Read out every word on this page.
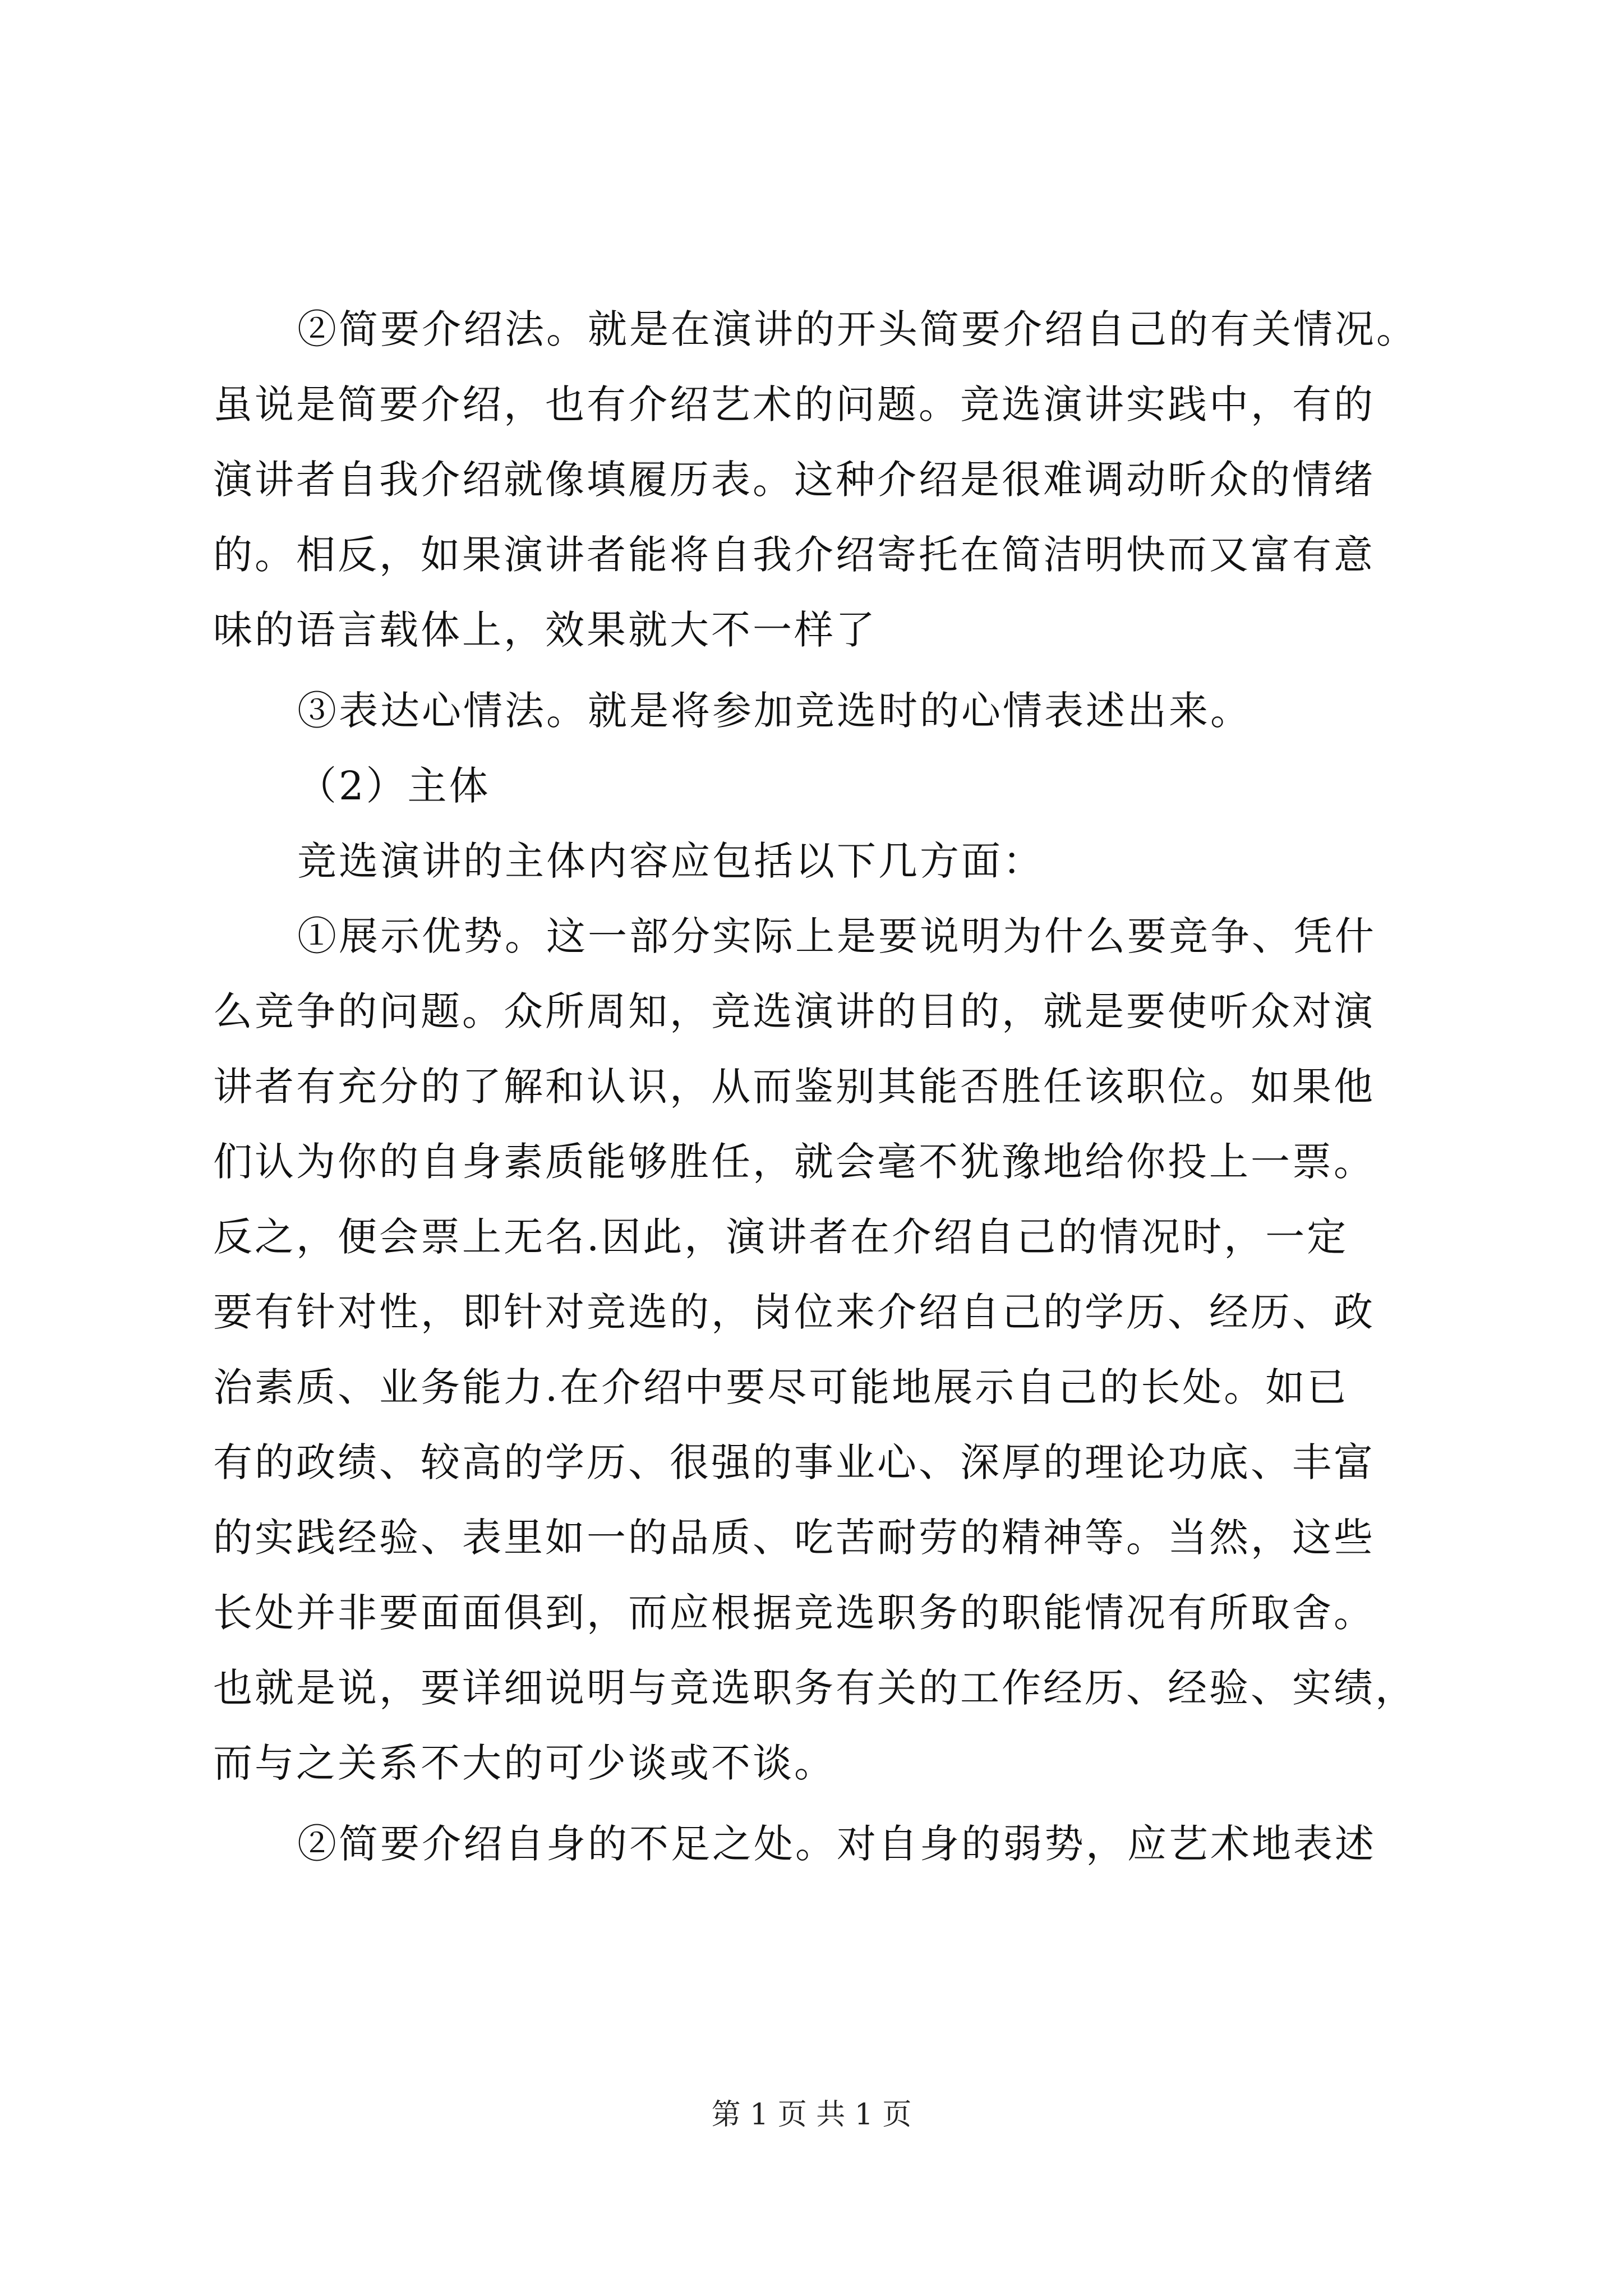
②简要介绍法。就是在演讲的开头简要介绍自己的有关情况。
虽说是简要介绍，也有介绍艺术的问题。竞选演讲实践中，有的
演讲者自我介绍就像填履历表。这种介绍是很难调动昕众的情绪
的。相反，如果演讲者能将自我介绍寄托在简洁明快而又富有意
味的语言载体上，效果就大不一样了
③表达心情法。就是将参加竞选时的心情表述出来。
（2）主体
竞选演讲的主体内容应包括以下几方面：
①展示优势。这一部分实际上是要说明为什么要竞争、凭什
么竞争的问题。众所周知，竞选演讲的目的，就是要使听众对演
讲者有充分的了解和认识，从而鉴别其能否胜任该职位。如果他
们认为你的自身素质能够胜任，就会毫不犹豫地给你投上一票。
反之，便会票上无名.因此，演讲者在介绍自己的情况时，一定
要有针对性，即针对竞选的，岗位来介绍自己的学历、经历、政
治素质、业务能力.在介绍中要尽可能地展示自己的长处。如已
有的政绩、较高的学历、很强的事业心、深厚的理论功底、丰富
的实践经验、表里如一的品质、吃苦耐劳的精神等。当然，这些
长处并非要面面俱到，而应根据竞选职务的职能情况有所取舍。
也就是说，要详细说明与竞选职务有关的工作经历、经验、实绩，
而与之关系不大的可少谈或不谈。
②简要介绍自身的不足之处。对自身的弱势，应艺术地表述
第 1 页 共 1 页
